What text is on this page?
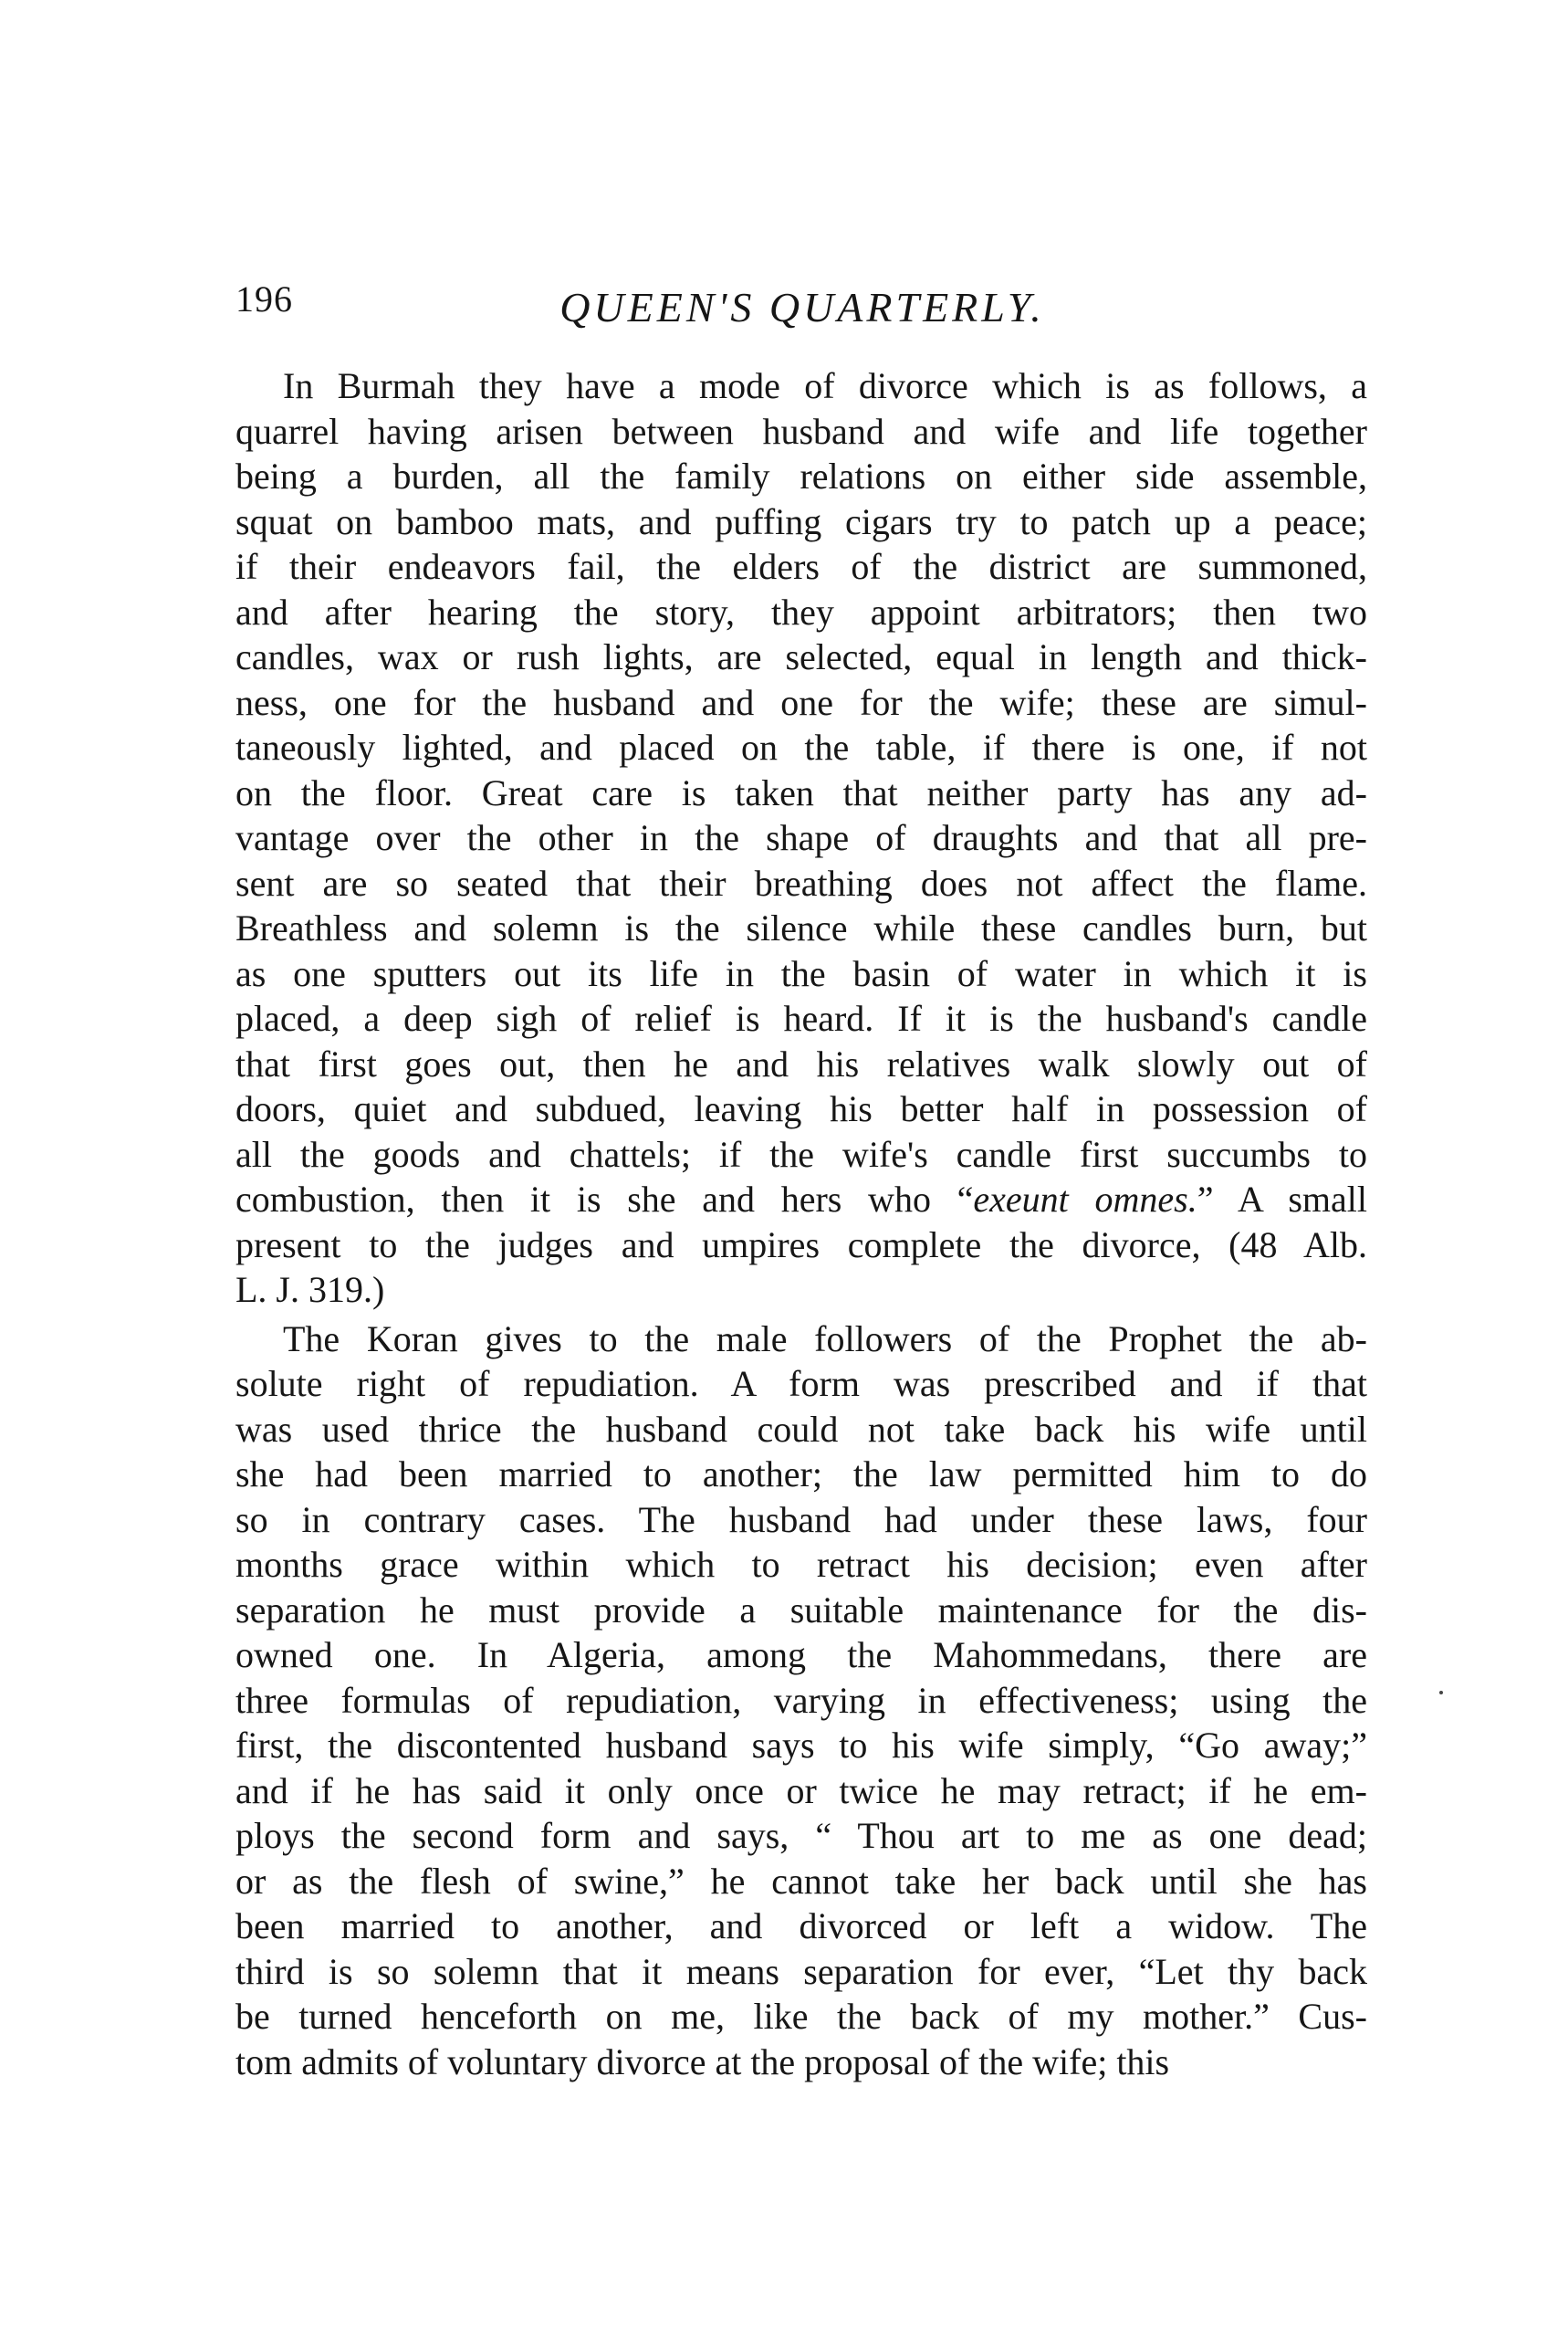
196	QUEEN'S QUARTERLY.
In Burmah they have a mode of divorce which is as follows, a
quarrel having arisen between husband and wife and life together
being a burden, all the family relations on either side assemble,
squat on bamboo mats, and puffing cigars try to patch up a peace;
if their endeavors fail, the elders of the district are summoned,
and after hearing the story, they appoint arbitrators; then two
candles, wax or rush lights, are selected, equal in length and thick-
ness, one for the husband and one for the wife; these are simul-
taneously lighted, and placed on the table, if there is one, if not
on the floor. Great care is taken that neither party has any ad-
vantage over the other in the shape of draughts and that all pre-
sent are so seated that their breathing does not affect the flame.
Breathless and solemn is the silence while these candles burn, but
as one sputters out its life in the basin of water in which it is
placed, a deep sigh of relief is heard. If it is the husband's candle
that first goes out, then he and his relatives walk slowly out of
doors, quiet and subdued, leaving his better half in possession of
all the goods and chattels; if the wife's candle first succumbs to
combustion, then it is she and hers who “exeunt omnes.” A small
present to the judges and umpires complete the divorce, (48 Alb.
L. J. 319.)
The Koran gives to the male followers of the Prophet the ab-
solute right of repudiation. A form was prescribed and if that
was used thrice the husband could not take back his wife until
she had been married to another; the law permitted him to do
so in contrary cases. The husband had under these laws, four
months grace within which to retract his decision; even after
separation he must provide a suitable maintenance for the dis-
owned one. In Algeria, among the Mahommedans, there are
three formulas of repudiation, varying in effectiveness; using the
first, the discontented husband says to his wife simply, “Go away;”
and if he has said it only once or twice he may retract; if he em-
ploys the second form and says, “ Thou art to me as one dead;
or as the flesh of swine,” he cannot take her back until she has
been married to another, and divorced or left a widow. The
third is so solemn that it means separation for ever, “Let thy back
be turned henceforth on me, like the back of my mother.” Cus-
tom admits of voluntary divorce at the proposal of the wife; this
